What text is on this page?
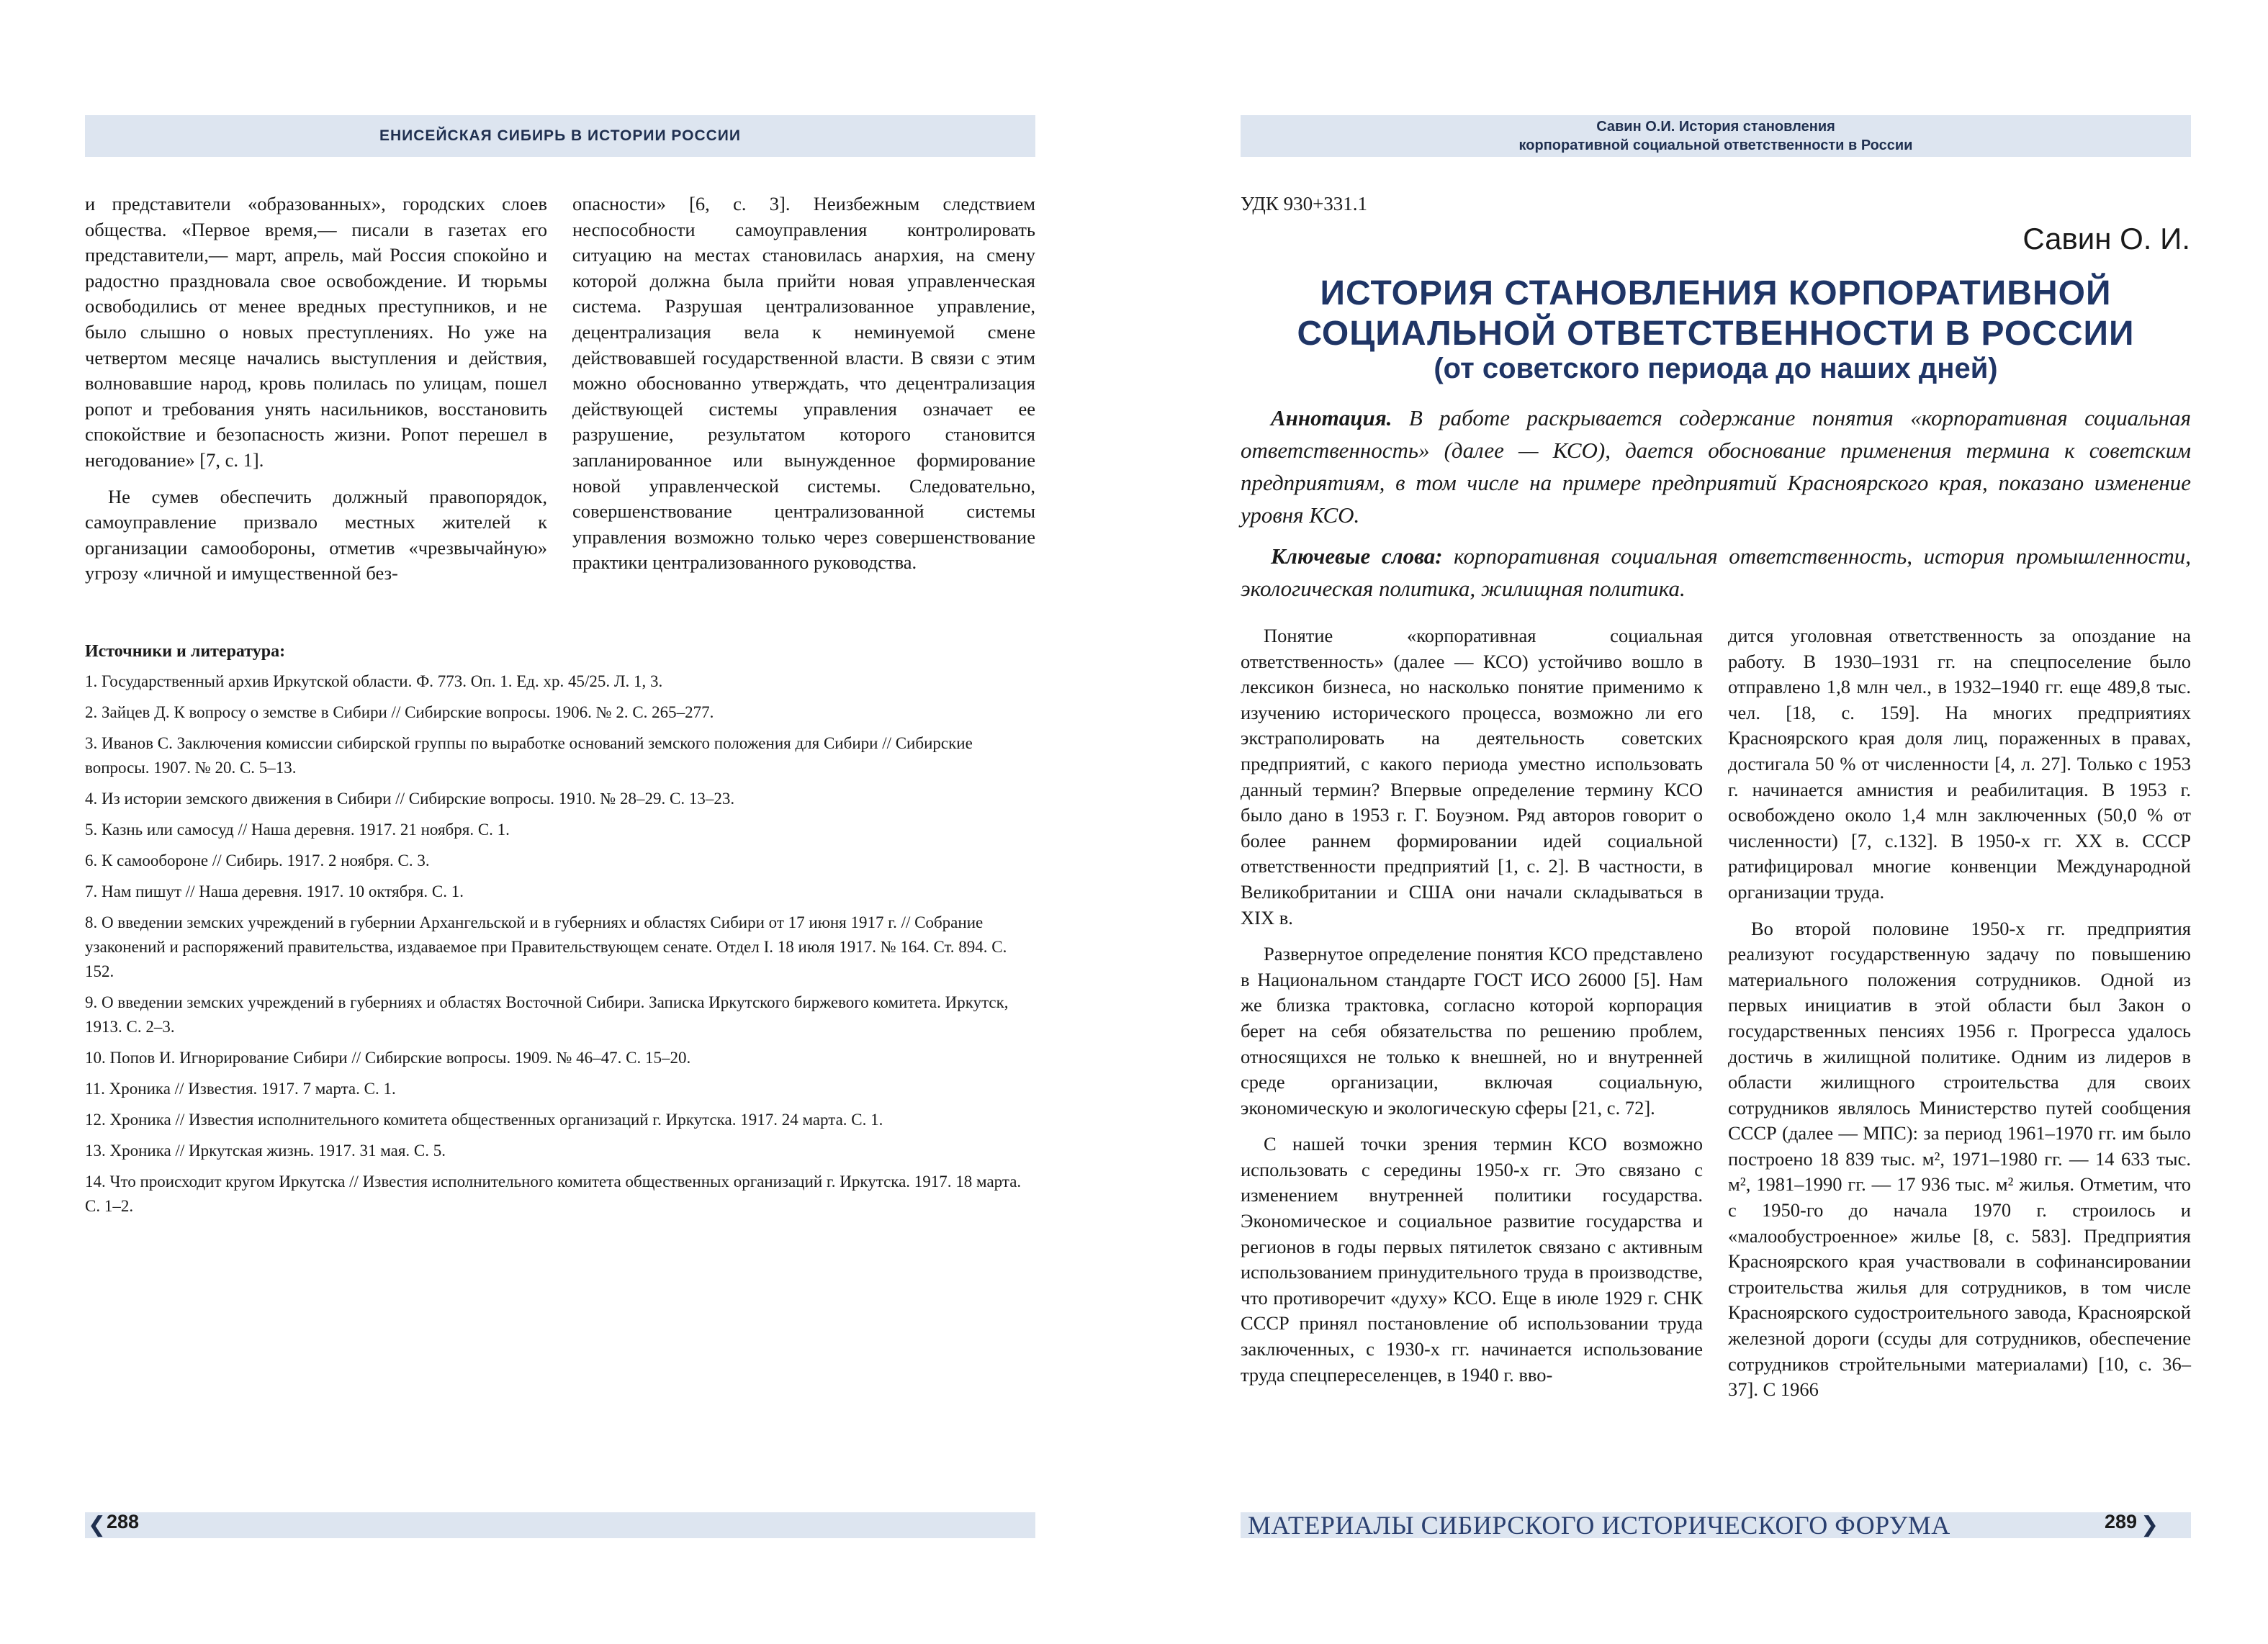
ЕНИСЕЙСКАЯ СИБИРЬ В ИСТОРИИ РОССИИ

и представители «образованных», городских слоев общества. «Первое время,— писали в газетах его представители,— март, апрель, май Россия спокойно и радостно праздновала свое освобождение. И тюрьмы освободились от менее вредных преступников, и не было слышно о новых преступлениях. Но уже на четвертом месяце начались выступления и действия, волновавшие народ, кровь полилась по улицам, пошел ропот и требования унять насильников, восстановить спокойствие и безопасность жизни. Ропот перешел в негодование» [7, с. 1].

Не сумев обеспечить должный правопорядок, самоуправление призвало местных жителей к организации самообороны, отметив «чрезвычайную» угрозу «личной и имущественной без-

опасности» [6, с. 3]. Неизбежным следствием неспособности самоуправления контролировать ситуацию на местах становилась анархия, на смену которой должна была прийти новая управленческая система. Разрушая централизованное управление, децентрализация вела к неминуемой смене действовавшей государственной власти. В связи с этим можно обоснованно утверждать, что децентрализация действующей системы управления означает ее разрушение, результатом которого становится запланированное или вынужденное формирование новой управленческой системы. Следовательно, совершенствование централизованной системы управления возможно только через совершенствование практики централизованного руководства.

Источники и литература:
1. Государственный архив Иркутской области. Ф. 773. Оп. 1. Ед. хр. 45/25. Л. 1, 3.
2. Зайцев Д. К вопросу о земстве в Сибири // Сибирские вопросы. 1906. № 2. С. 265–277.
3. Иванов С. Заключения комиссии сибирской группы по выработке оснований земского положения для Сибири // Сибирские вопросы. 1907. № 20. С. 5–13.
4. Из истории земского движения в Сибири // Сибирские вопросы. 1910. № 28–29. С. 13–23.
5. Казнь или самосуд // Наша деревня. 1917. 21 ноября. С. 1.
6. К самообороне // Сибирь. 1917. 2 ноября. С. 3.
7. Нам пишут // Наша деревня. 1917. 10 октября. С. 1.
8. О введении земских учреждений в губернии Архангельской и в губерниях и областях Сибири от 17 июня 1917 г. // Собрание узаконений и распоряжений правительства, издаваемое при Правительствующем сенате. Отдел I. 18 июля 1917. № 164. Ст. 894. С. 152.
9. О введении земских учреждений в губерниях и областях Восточной Сибири. Записка Иркутского биржевого комитета. Иркутск, 1913. С. 2–3.
10. Попов И. Игнорирование Сибири // Сибирские вопросы. 1909. № 46–47. С. 15–20.
11. Хроника // Известия. 1917. 7 марта. С. 1.
12. Хроника // Известия исполнительного комитета общественных организаций г. Иркутска. 1917. 24 марта. С. 1.
13. Хроника // Иркутская жизнь. 1917. 31 мая. С. 5.
14. Что происходит кругом Иркутска // Известия исполнительного комитета общественных организаций г. Иркутска. 1917. 18 марта. С. 1–2.
❮ 288
Савин О.И. История становления
корпоративной социальной ответственности в России
УДК 930+331.1
Савин О. И.
ИСТОРИЯ СТАНОВЛЕНИЯ КОРПОРАТИВНОЙ
СОЦИАЛЬНОЙ ОТВЕТСТВЕННОСТИ В РОССИИ
(от советского периода до наших дней)

Аннотация. В работе раскрывается содержание понятия «корпоративная социальная ответственность» (далее — КСО), дается обоснование применения термина к советским предприятиям, в том числе на примере предприятий Красноярского края, показано изменение уровня КСО.

Ключевые слова: корпоративная социальная ответственность, история промышленности, экологическая политика, жилищная политика.

Понятие «корпоративная социальная ответственность» (далее — КСО) устойчиво вошло в лексикон бизнеса, но насколько понятие применимо к изучению исторического процесса, возможно ли его экстраполировать на деятельность советских предприятий, с какого периода уместно использовать данный термин? Впервые определение термину КСО было дано в 1953 г. Г. Боуэном. Ряд авторов говорит о более раннем формировании идей социальной ответственности предприятий [1, с. 2]. В частности, в Великобритании и США они начали складываться в XIX в.

Развернутое определение понятия КСО представлено в Национальном стандарте ГОСТ ИСО 26000 [5]. Нам же близка трактовка, согласно которой корпорация берет на себя обязательства по решению проблем, относящихся не только к внешней, но и внутренней среде организации, включая социальную, экономическую и экологическую сферы [21, с. 72].

С нашей точки зрения термин КСО возможно использовать с середины 1950-х гг. Это связано с изменением внутренней политики государства. Экономическое и социальное развитие государства и регионов в годы первых пятилеток связано с активным использованием принудительного труда в производстве, что противоречит «духу» КСО. Еще в июле 1929 г. СНК СССР принял постановление об использовании труда заключенных, с 1930-х гг. начинается использование труда спецпереселенцев, в 1940 г. вво-

дится уголовная ответственность за опоздание на работу. В 1930–1931 гг. на спецпоселение было отправлено 1,8 млн чел., в 1932–1940 гг. еще 489,8 тыс. чел. [18, с. 159]. На многих предприятиях Красноярского края доля лиц, пораженных в правах, достигала 50 % от численности [4, л. 27]. Только с 1953 г. начинается амнистия и реабилитация. В 1953 г. освобождено около 1,4 млн заключенных (50,0 % от численности) [7, с.132]. В 1950-х гг. XX в. СССР ратифицировал многие конвенции Международной организации труда.

Во второй половине 1950-х гг. предприятия реализуют государственную задачу по повышению материального положения сотрудников. Одной из первых инициатив в этой области был Закон о государственных пенсиях 1956 г. Прогресса удалось достичь в жилищной политике. Одним из лидеров в области жилищного строительства для своих сотрудников являлось Министерство путей сообщения СССР (далее — МПС): за период 1961–1970 гг. им было построено 18 839 тыс. м², 1971–1980 гг. — 14 633 тыс. м², 1981–1990 гг. — 17 936 тыс. м² жилья. Отметим, что с 1950-го до начала 1970 г. строилось и «малообустроенное» жилье [8, с. 583]. Предприятия Красноярского края участвовали в софинансировании строительства жилья для сотрудников, в том числе Красноярского судостроительного завода, Красноярской железной дороги (ссуды для сотрудников, обеспечение сотрудников стройтельными материалами) [10, с. 36–37]. С 1966

МАТЕРИАЛЫ СИБИРСКОГО ИСТОРИЧЕСКОГО ФОРУМА	289 ❯
